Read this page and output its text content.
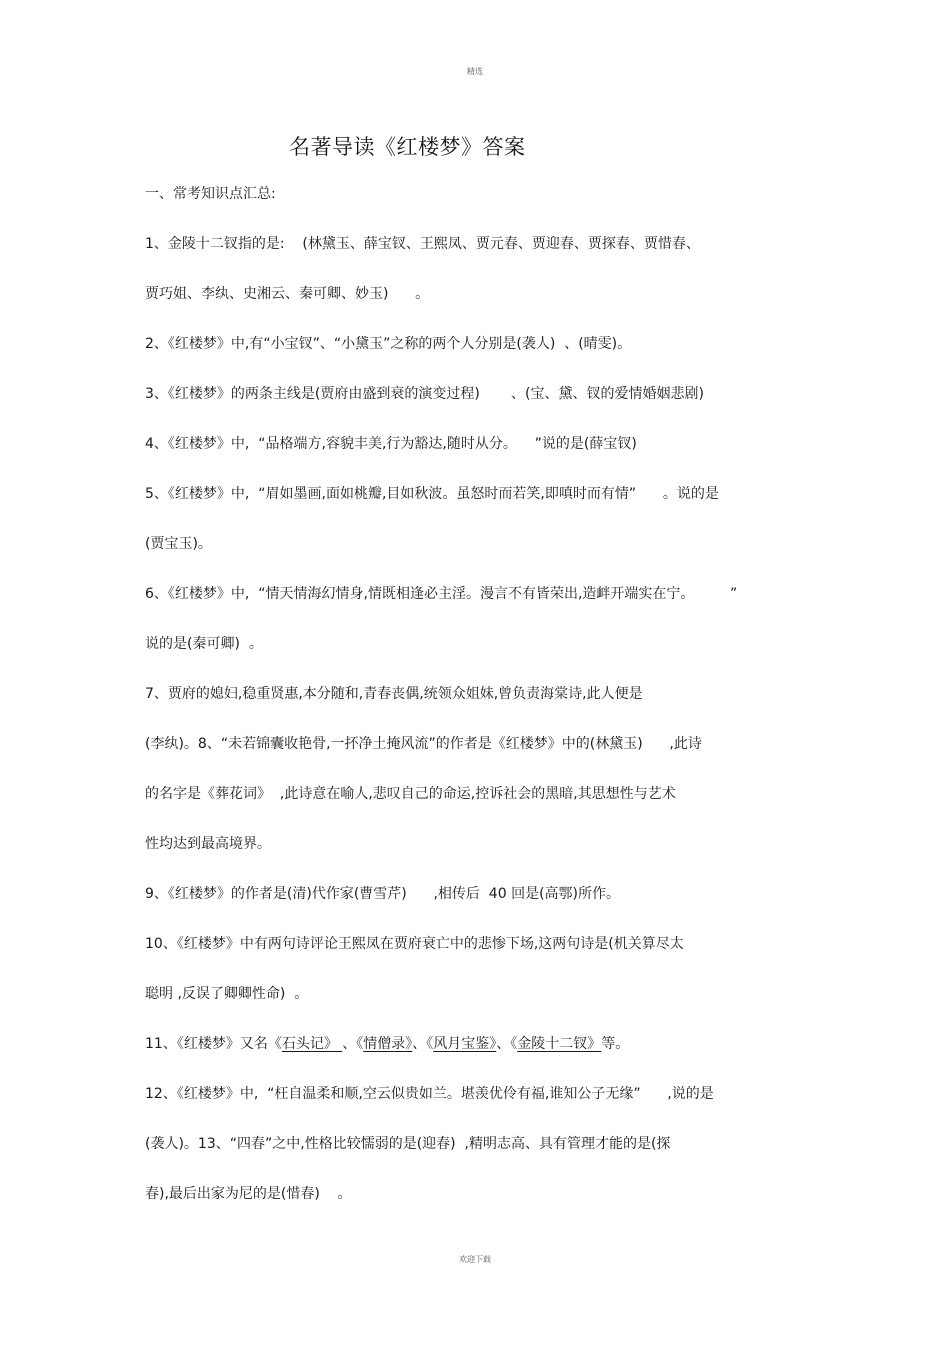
精选
名著导读《红楼梦》答案
一、常考知识点汇总:
1、金陵十二钗指的是:    (林黛玉、薛宝钗、王熙凤、贾元春、贾迎春、贾探春、贾惜春、
贾巧姐、李纨、史湘云、秦可卿、妙玉)      。
2、《红楼梦》中,有“小宝钗”、“小黛玉”之称的两个人分别是(袭人)  、(晴雯)。
3、《红楼梦》的两条主线是(贾府由盛到衰的演变过程)       、(宝、黛、钗的爱情婚姻悲剧)
4、《红楼梦》中,  “品格端方,容貌丰美,行为豁达,随时从分。    ”说的是(薛宝钗)
5、《红楼梦》中,  “眉如墨画,面如桃瓣,目如秋波。虽怒时而若笑,即嗔时而有情”      。说的是
(贾宝玉)。
6、《红楼梦》中,  “情天情海幻情身,情既相逢必主淫。漫言不有皆荣出,造衅开端实在宁。        ”
说的是(秦可卿)  。
7、贾府的媳妇,稳重贤惠,本分随和,青春丧偶,统领众姐妹,曾负责海棠诗,此人便是
(李纨)。8、“未若锦囊收艳骨,一抔净土掩风流”的作者是《红楼梦》中的(林黛玉)      ,此诗
的名字是《葬花词》  ,此诗意在喻人,悲叹自己的命运,控诉社会的黑暗,其思想性与艺术
性均达到最高境界。
9、《红楼梦》的作者是(清)代作家(曹雪芹)      ,相传后  40 回是(高鄂)所作。
10、《红楼梦》中有两句诗评论王熙凤在贾府衰亡中的悲惨下场,这两句诗是(机关算尽太
聪明 ,反误了卿卿性命)  。
11、《红楼梦》又名《石头记》 、《情僧录》、《风月宝鉴》、《金陵十二钗》等。
12、《红楼梦》中,  “枉自温柔和顺,空云似贵如兰。堪羡优伶有福,谁知公子无缘”      ,说的是
(袭人)。13、“四春”之中,性格比较懦弱的是(迎春)  ,精明志高、具有管理才能的是(探
春),最后出家为尼的是(惜春)    。
欢迎下载
